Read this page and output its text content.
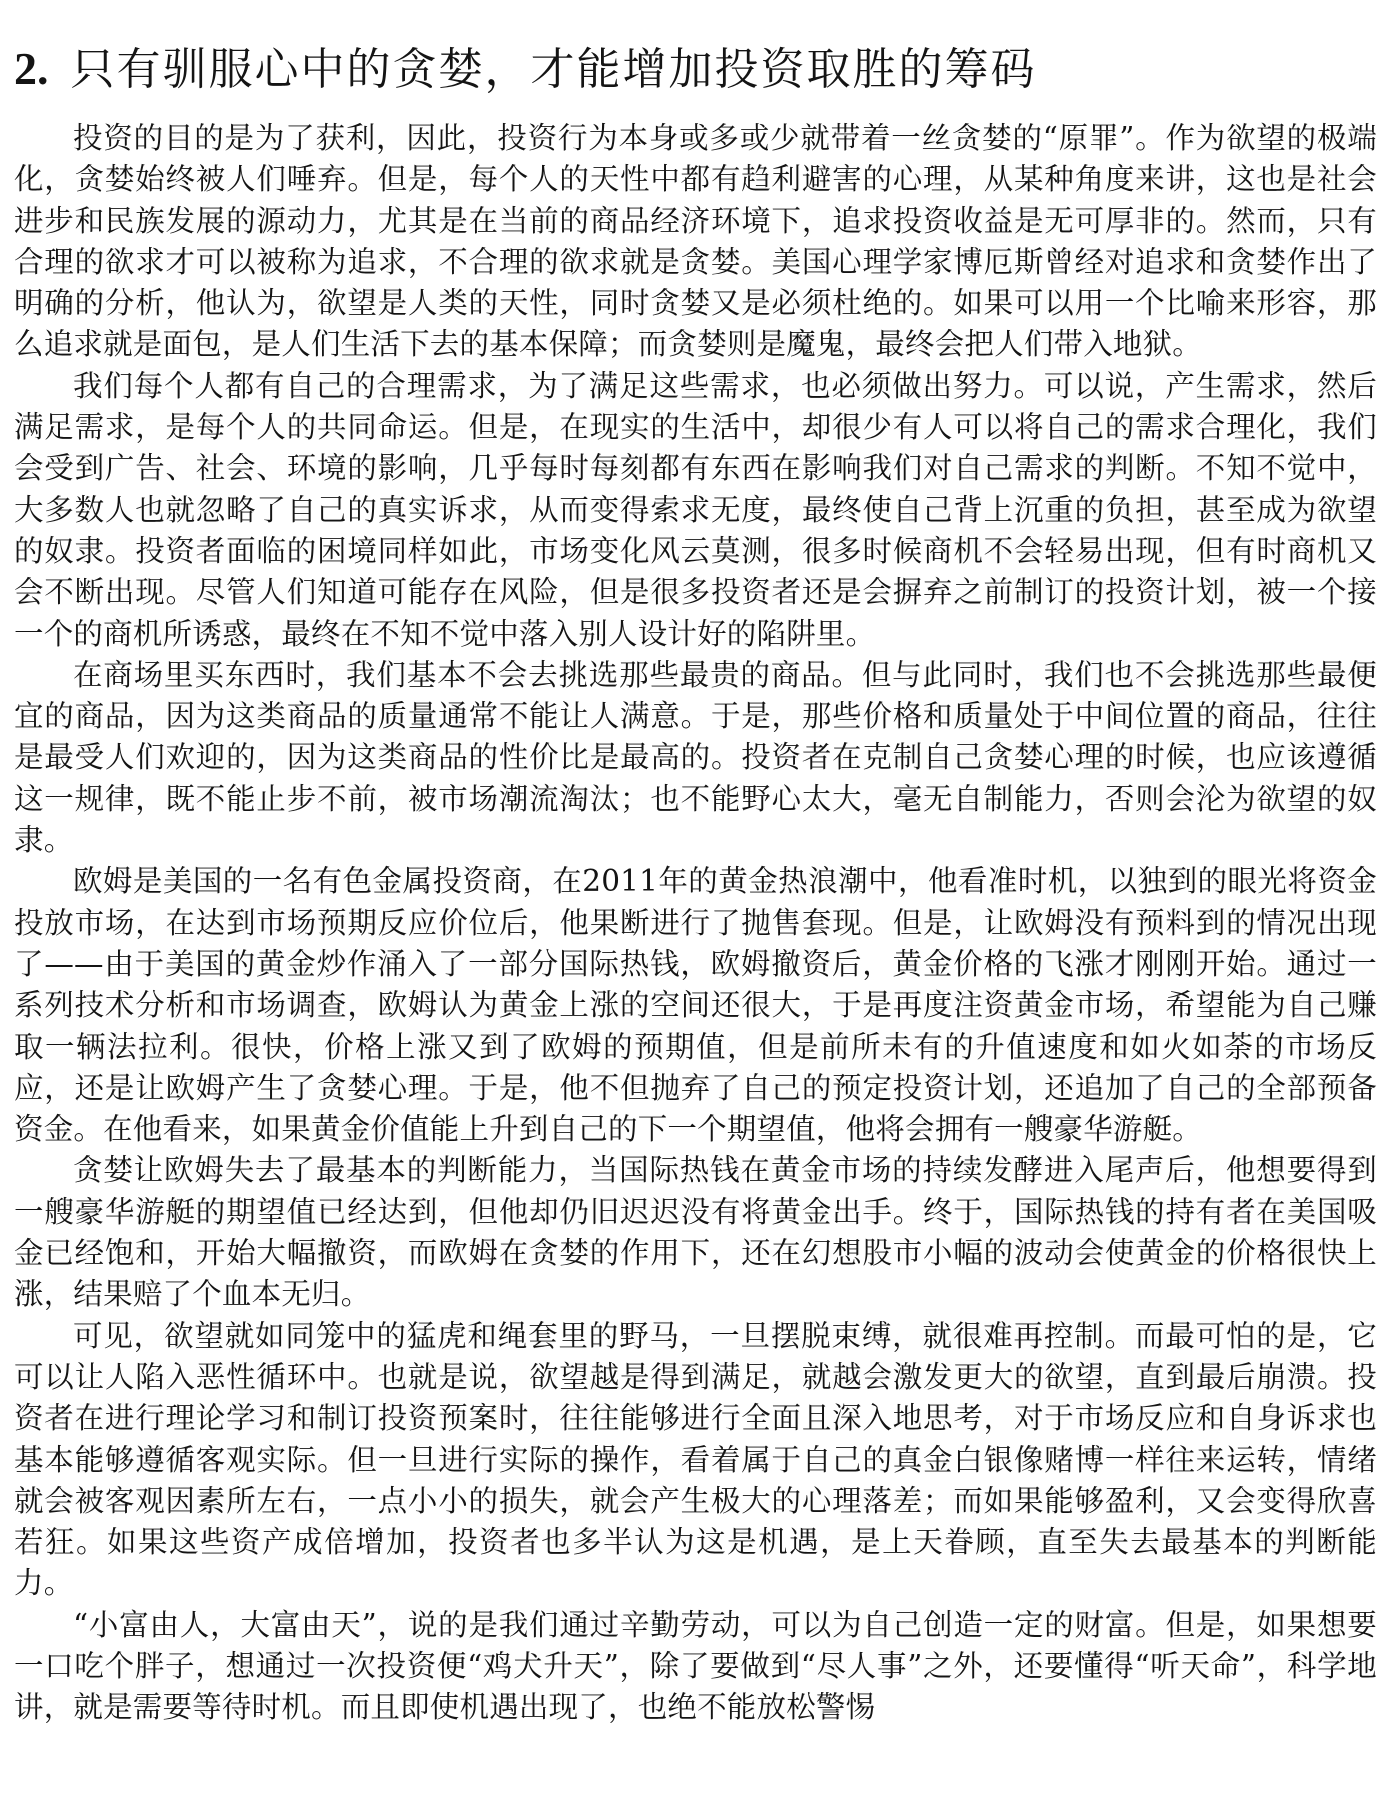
2. 只有驯服心中的贪婪，才能增加投资取胜的筹码

投资的目的是为了获利，因此，投资行为本身或多或少就带着一丝贪婪的“原罪”。作为欲望的极端化，贪婪始终被人们唾弃。但是，每个人的天性中都有趋利避害的心理，从某种角度来讲，这也是社会进步和民族发展的源动力，尤其是在当前的商品经济环境下，追求投资收益是无可厚非的。然而，只有合理的欲求才可以被称为追求，不合理的欲求就是贪婪。美国心理学家博厄斯曾经对追求和贪婪作出了明确的分析，他认为，欲望是人类的天性，同时贪婪又是必须杜绝的。如果可以用一个比喻来形容，那么追求就是面包，是人们生活下去的基本保障；而贪婪则是魔鬼，最终会把人们带入地狱。

我们每个人都有自己的合理需求，为了满足这些需求，也必须做出努力。可以说，产生需求，然后满足需求，是每个人的共同命运。但是，在现实的生活中，却很少有人可以将自己的需求合理化，我们会受到广告、社会、环境的影响，几乎每时每刻都有东西在影响我们对自己需求的判断。不知不觉中，大多数人也就忽略了自己的真实诉求，从而变得索求无度，最终使自己背上沉重的负担，甚至成为欲望的奴隶。投资者面临的困境同样如此，市场变化风云莫测，很多时候商机不会轻易出现，但有时商机又会不断出现。尽管人们知道可能存在风险，但是很多投资者还是会摒弃之前制订的投资计划，被一个接一个的商机所诱惑，最终在不知不觉中落入别人设计好的陷阱里。

在商场里买东西时，我们基本不会去挑选那些最贵的商品。但与此同时，我们也不会挑选那些最便宜的商品，因为这类商品的质量通常不能让人满意。于是，那些价格和质量处于中间位置的商品，往往是最受人们欢迎的，因为这类商品的性价比是最高的。投资者在克制自己贪婪心理的时候，也应该遵循这一规律，既不能止步不前，被市场潮流淘汰；也不能野心太大，毫无自制能力，否则会沦为欲望的奴隶。

欧姆是美国的一名有色金属投资商，在2011年的黄金热浪潮中，他看准时机，以独到的眼光将资金投放市场，在达到市场预期反应价位后，他果断进行了抛售套现。但是，让欧姆没有预料到的情况出现了——由于美国的黄金炒作涌入了一部分国际热钱，欧姆撤资后，黄金价格的飞涨才刚刚开始。通过一系列技术分析和市场调查，欧姆认为黄金上涨的空间还很大，于是再度注资黄金市场，希望能为自己赚取一辆法拉利。很快，价格上涨又到了欧姆的预期值，但是前所未有的升值速度和如火如荼的市场反应，还是让欧姆产生了贪婪心理。于是，他不但抛弃了自己的预定投资计划，还追加了自己的全部预备资金。在他看来，如果黄金价值能上升到自己的下一个期望值，他将会拥有一艘豪华游艇。

贪婪让欧姆失去了最基本的判断能力，当国际热钱在黄金市场的持续发酵进入尾声后，他想要得到一艘豪华游艇的期望值已经达到，但他却仍旧迟迟没有将黄金出手。终于，国际热钱的持有者在美国吸金已经饱和，开始大幅撤资，而欧姆在贪婪的作用下，还在幻想股市小幅的波动会使黄金的价格很快上涨，结果赔了个血本无归。

可见，欲望就如同笼中的猛虎和绳套里的野马，一旦摆脱束缚，就很难再控制。而最可怕的是，它可以让人陷入恶性循环中。也就是说，欲望越是得到满足，就越会激发更大的欲望，直到最后崩溃。投资者在进行理论学习和制订投资预案时，往往能够进行全面且深入地思考，对于市场反应和自身诉求也基本能够遵循客观实际。但一旦进行实际的操作，看着属于自己的真金白银像赌博一样往来运转，情绪就会被客观因素所左右，一点小小的损失，就会产生极大的心理落差；而如果能够盈利，又会变得欣喜若狂。如果这些资产成倍增加，投资者也多半认为这是机遇，是上天眷顾，直至失去最基本的判断能力。

“小富由人，大富由天”，说的是我们通过辛勤劳动，可以为自己创造一定的财富。但是，如果想要一口吃个胖子，想通过一次投资便“鸡犬升天”，除了要做到“尽人事”之外，还要懂得“听天命”，科学地讲，就是需要等待时机。而且即使机遇出现了，也绝不能放松警惕
